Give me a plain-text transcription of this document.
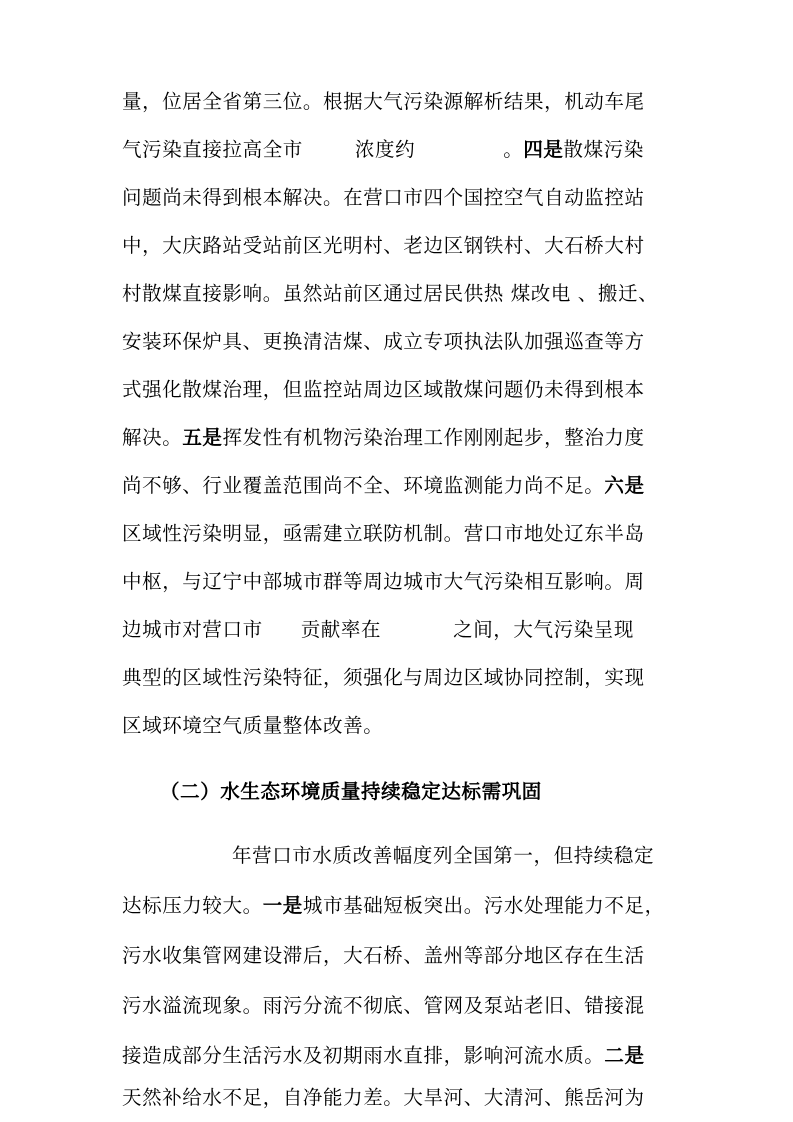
量，位居全省第三位。根据大气污染源解析结果，机动车尾
气污染直接拉高全市	浓度约	。四是散煤污染
问题尚未得到根本解决。在营口市四个国控空气自动监控站
中，大庆路站受站前区光明村、老边区钢铁村、大石桥大村
村散煤直接影响。虽然站前区通过居民供热 煤改电 、搬迁、
安装环保炉具、更换清洁煤、成立专项执法队加强巡查等方
式强化散煤治理，但监控站周边区域散煤问题仍未得到根本
解决。五是挥发性有机物污染治理工作刚刚起步，整治力度
尚不够、行业覆盖范围尚不全、环境监测能力尚不足。六是
区域性污染明显，亟需建立联防机制。营口市地处辽东半岛
中枢，与辽宁中部城市群等周边城市大气污染相互影响。周
边城市对营口市 贡献率在	之间，大气污染呈现
典型的区域性污染特征，须强化与周边区域协同控制，实现
区域环境空气质量整体改善。
（二）水生态环境质量持续稳定达标需巩固
年营口市水质改善幅度列全国第一，但持续稳定
达标压力较大。一是城市基础短板突出。污水处理能力不足，
污水收集管网建设滞后，大石桥、盖州等部分地区存在生活
污水溢流现象。雨污分流不彻底、管网及泵站老旧、错接混
接造成部分生活污水及初期雨水直排，影响河流水质。二是
天然补给水不足，自净能力差。大旱河、大清河、熊岳河为
